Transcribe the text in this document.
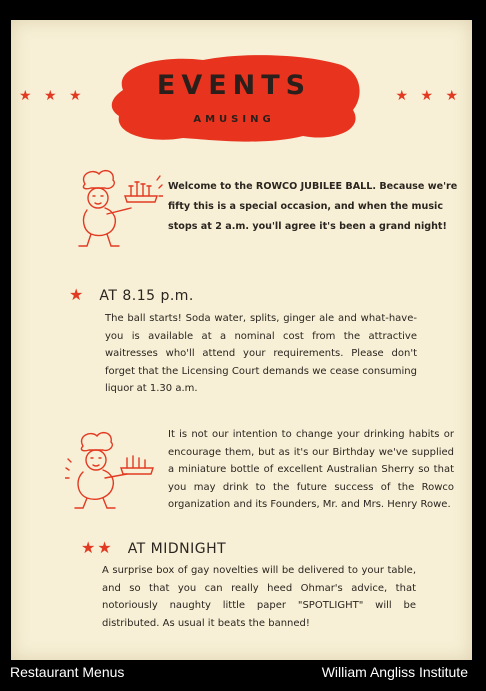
★ ★ ★	★ ★ ★
EVENTS
AMUSING
Welcome to the ROWCO JUBILEE BALL. Because we're fifty this is a special occasion, and when the music stops at 2 a.m. you'll agree it's been a grand night!
★ AT 8.15 p.m.
The ball starts! Soda water, splits, ginger ale and what-have-you is available at a nominal cost from the attractive waitresses who'll attend your requirements. Please don't forget that the Licensing Court demands we cease consuming liquor at 1.30 a.m.
It is not our intention to change your drinking habits or encourage them, but as it's our Birthday we've supplied a miniature bottle of excellent Australian Sherry so that you may drink to the future success of the Rowco organization and its Founders, Mr. and Mrs. Henry Rowe.
★★ AT MIDNIGHT
A surprise box of gay novelties will be delivered to your table, and so that you can really heed Ohmar's advice, that notoriously naughty little paper "SPOTLIGHT" will be distributed. As usual it beats the banned!
Restaurant Menus	William Angliss Institute
